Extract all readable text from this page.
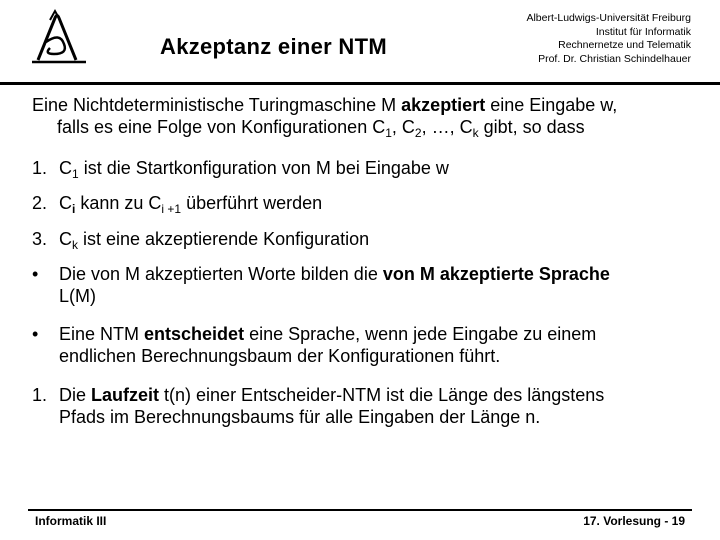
Akzeptanz einer NTM
Albert-Ludwigs-Universität Freiburg
Institut für Informatik
Rechnernetze und Telematik
Prof. Dr. Christian Schindelhauer
Eine Nichtdeterministische Turingmaschine M akzeptiert eine Eingabe w,
falls es eine Folge von Konfigurationen $C_1$, $C_2$, …, $C_k$ gibt, so dass
1. $C_1$ ist die Startkonfiguration von M bei Eingabe w
2. $C_i$ kann zu $C_{i +1}$ überführt werden
3. $C_k$ ist eine akzeptierende Konfiguration
• Die von M akzeptierten Worte bilden die von M akzeptierte Sprache
L(M)
• Eine NTM entscheidet eine Sprache, wenn jede Eingabe zu einem
endlichen Berechnungsbaum der Konfigurationen führt.
1. Die Laufzeit t(n) einer Entscheider-NTM ist die Länge des längstens
Pfads im Berechnungsbaums für alle Eingaben der Länge n.
Informatik III	17. Vorlesung - 19
